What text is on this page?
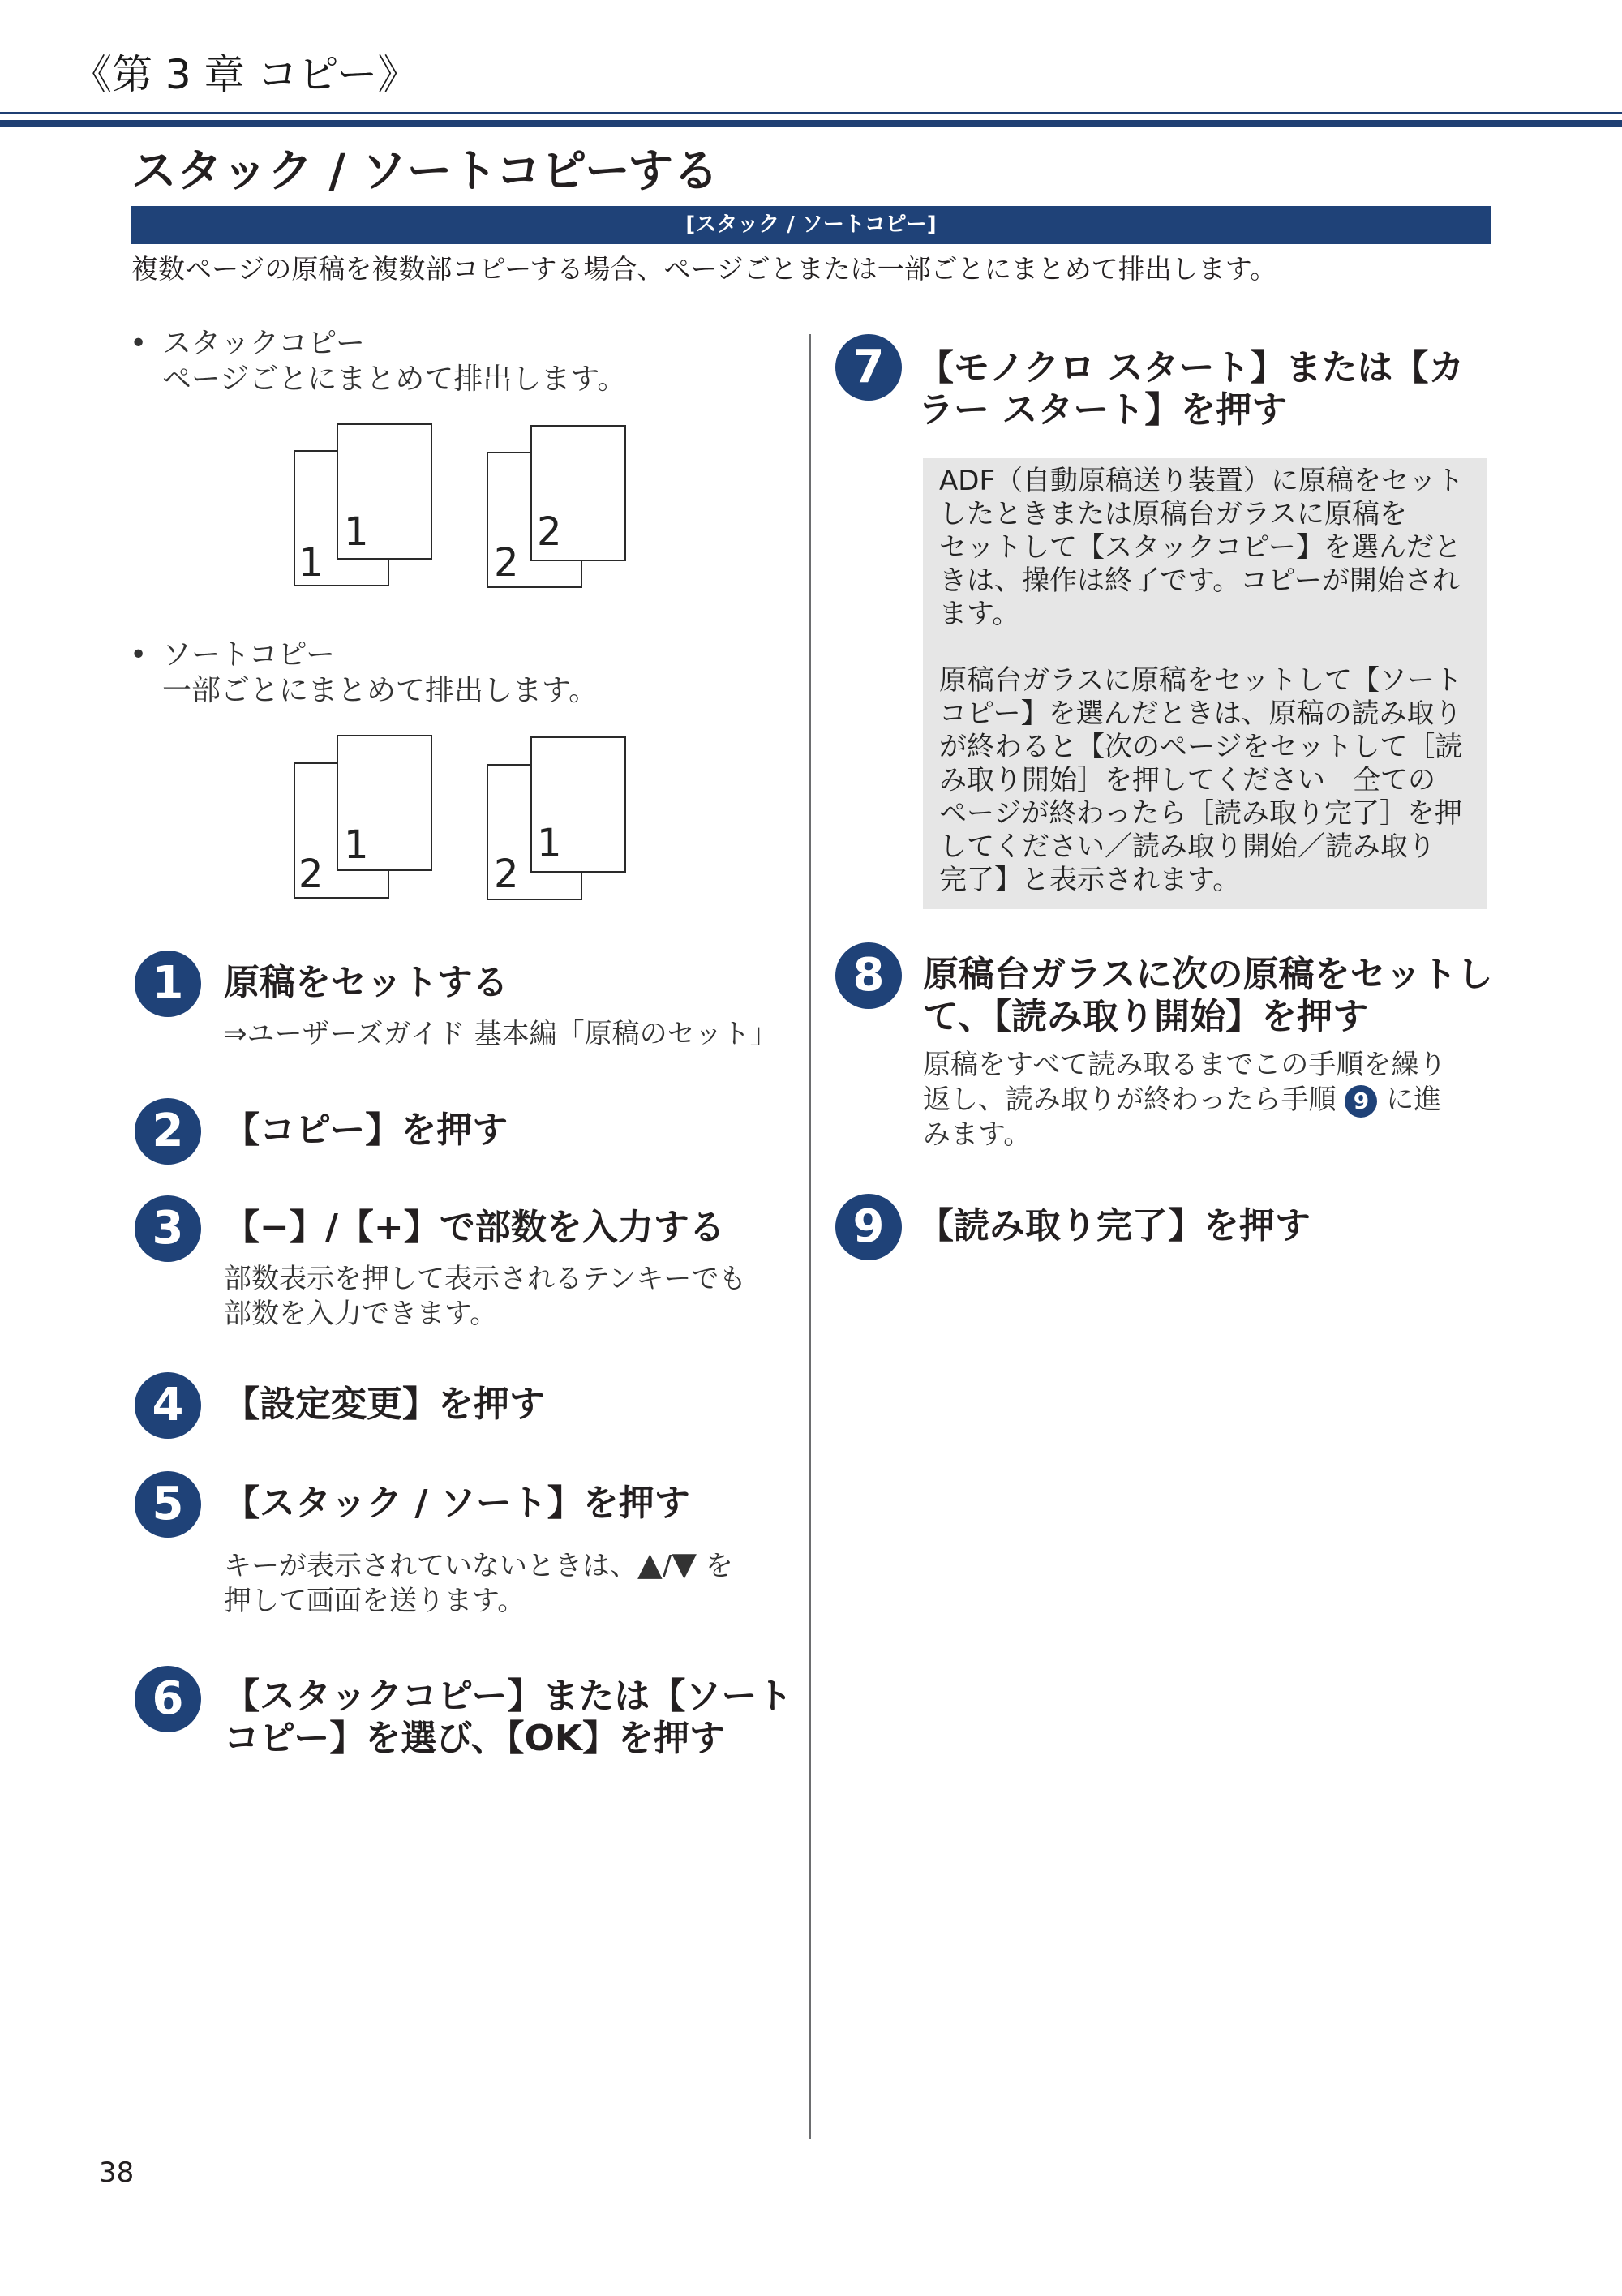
《第 3 章 コピー》
スタック / ソートコピーする
[スタック / ソートコピー]
複数ページの原稿を複数部コピーする場合、ページごとまたは一部ごとにまとめて排出します。
• スタックコピー
ページごとにまとめて排出します。
1
1
2
2
• ソートコピー
一部ごとにまとめて排出します。
2
1
2
1
1	原稿をセットする
⇒ユーザーズガイド 基本編「原稿のセット」
2	【コピー】を押す
3	【−】/【+】で部数を入力する
部数表示を押して表示されるテンキーでも
部数を入力できます。
4	【設定変更】を押す
5	【スタック / ソート】を押す
キーが表示されていないときは、▲/▼ を
押して画面を送ります。
6	【スタックコピー】または【ソート
コピー】を選び、【OK】を押す
7 【モノクロ スタート】または【カ
ラー スタート】を押す

ADF（自動原稿送り装置）に原稿をセット

したときまたは原稿台ガラスに原稿を

セットして【スタックコピー】を選んだと

きは、操作は終了です。コピーが開始され

ます。

原稿台ガラスに原稿をセットして【ソート

コピー】を選んだときは、原稿の読み取り

が終わると【次のページをセットして［読

み取り開始］を押してください　全ての

ページが終わったら［読み取り完了］を押

してください／読み取り開始／読み取り

完了】と表示されます。

8	原稿台ガラスに次の原稿をセットし
て、【読み取り開始】を押す
原稿をすべて読み取るまでこの手順を繰り
返し、読み取りが終わったら手順 9 に進
みます。
9 【読み取り完了】を押す
38
